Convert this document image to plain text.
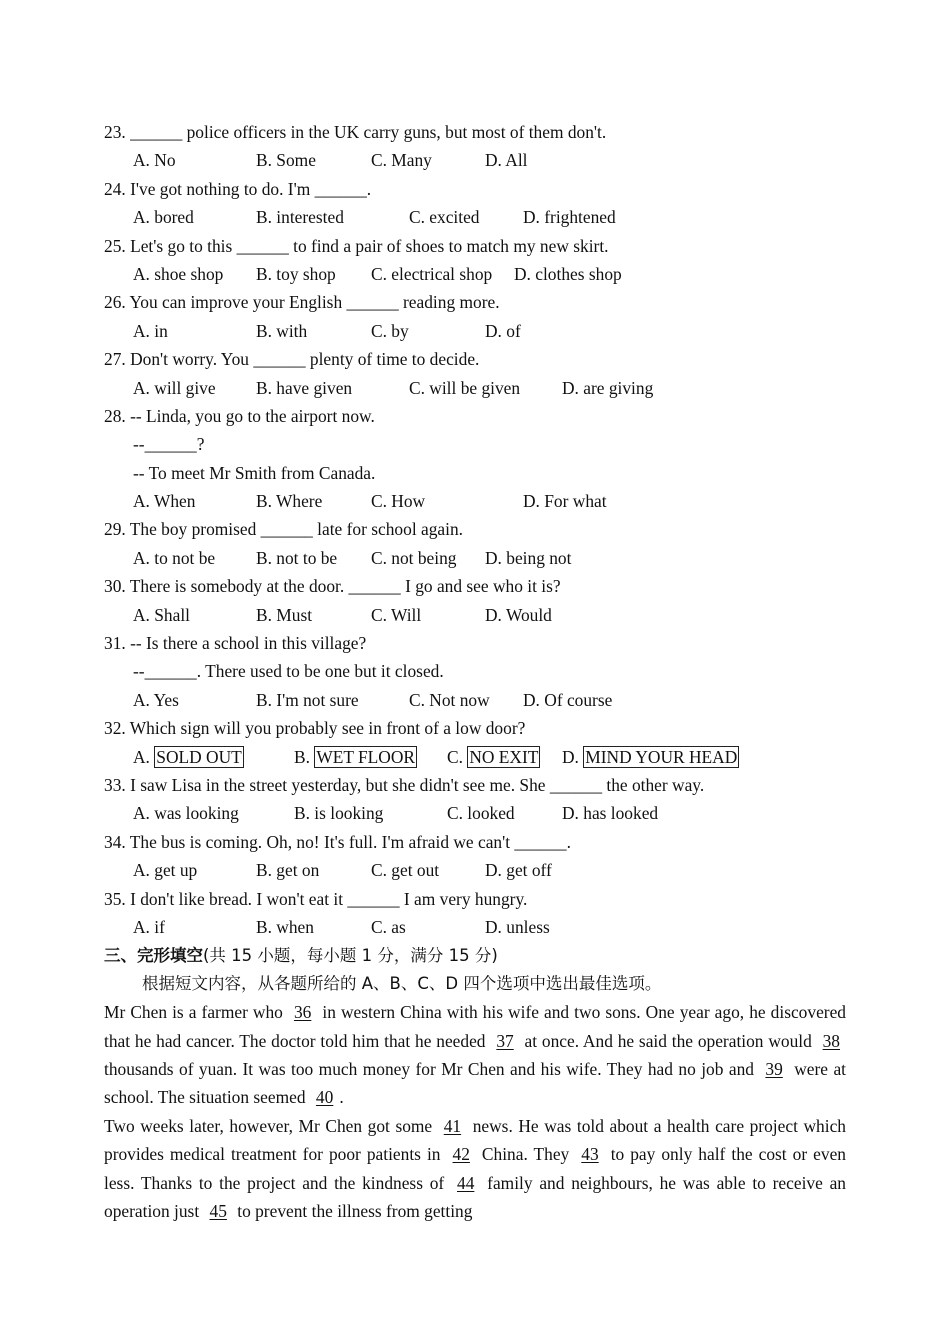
23. ______ police officers in the UK carry guns, but most of them don't.
A. No	B. Some	C. Many	D. All
24. I've got nothing to do. I'm ______.
A. bored	B. interested	C. excited D. frightened
25. Let's go to this ______ to find a pair of shoes to match my new skirt.
A. shoe shop B. toy shop C. electrical shop D. clothes shop
26. You can improve your English ______ reading more.
A. in	B. with	C. by	D. of
27. Don't worry. You ______ plenty of time to decide.
A. will give B. have given	C. will be given D. are giving
28. -- Linda, you go to the airport now.
--______?
-- To meet Mr Smith from Canada.
A. When	B. Where	C. How	D. For what
29. The boy promised ______ late for school again.
A. to not be B. not to be C. not being D. being not
30. There is somebody at the door. ______ I go and see who it is?
A. Shall	B. Must	C. Will	D. Would
31. -- Is there a school in this village?
--______. There used to be one but it closed.
A. Yes	B. I'm not sure	C. Not now D. Of course
32. Which sign will you probably see in front of a low door?
A. SOLD OUT	B. WET FLOOR C. NO EXIT D. MIND YOUR HEAD
33. I saw Lisa in the street yesterday, but she didn't see me. She ______ the other way.
A. was looking	B. is looking	C. looked	D. has looked
34. The bus is coming. Oh, no! It's full. I'm afraid we can't ______.
A. get up	B. get on	C. get out	D. get off
35. I don't like bread. I won't eat it ______ I am very hungry.
A. if	B. when	C. as	D. unless
三、完形填空(共 15 小题，每小题 1 分，满分 15 分)
根据短文内容，从各题所给的 A、B、C、D 四个选项中选出最佳选项。

Mr Chen is a farmer who 36 in western China with his wife and two sons. One year ago, he discovered that he had cancer. The doctor told him that he needed 37 at once. And he said the operation would 38 thousands of yuan. It was too much money for Mr Chen and his wife. They had no job and 39 were at school. The situation seemed 40 .

Two weeks later, however, Mr Chen got some 41 news. He was told about a health care project which provides medical treatment for poor patients in 42 China. They 43 to pay only half the cost or even less. Thanks to the project and the kindness of 44 family and neighbours, he was able to receive an operation just 45 to prevent the illness from getting
